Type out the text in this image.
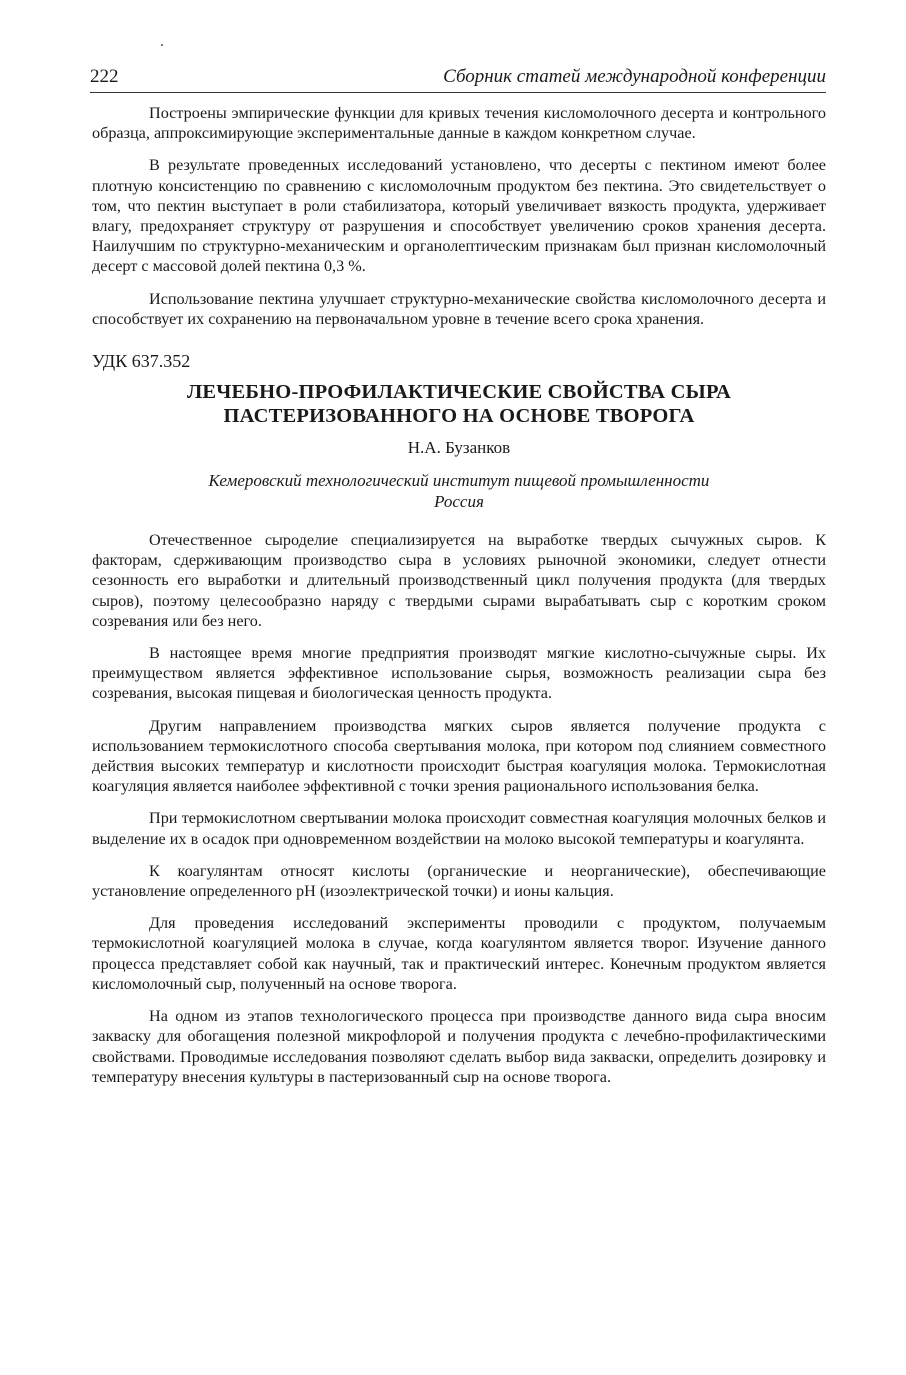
222	Сборник статей международной конференции

Построены эмпирические функции для кривых течения кисломолочного десерта и контрольного образца, аппроксимирующие экспериментальные данные в каждом конкретном случае.

В результате проведенных исследований установлено, что десерты с пектином имеют более плотную консистенцию по сравнению с кисломолочным продуктом без пектина. Это свидетельствует о том, что пектин выступает в роли стабилизатора, который увеличивает вязкость продукта, удерживает влагу, предохраняет структуру от разрушения и способствует увеличению сроков хранения десерта. Наилучшим по структурно-механическим и органолептическим признакам был признан кисломолочный десерт с массовой долей пектина 0,3 %.

Использование пектина улучшает структурно-механические свойства кисломолочного десерта и способствует их сохранению на первоначальном уровне в течение всего срока хранения.

УДК 637.352
ЛЕЧЕБНО-ПРОФИЛАКТИЧЕСКИЕ СВОЙСТВА СЫРА
ПАСТЕРИЗОВАННОГО НА ОСНОВЕ ТВОРОГА
Н.А. Бузанков
Кемеровский технологический институт пищевой промышленности
Россия

Отечественное сыроделие специализируется на выработке твердых сычужных сыров. К факторам, сдерживающим производство сыра в условиях рыночной экономики, следует отнести сезонность его выработки и длительный производственный цикл получения продукта (для твердых сыров), поэтому целесообразно наряду с твердыми сырами вырабатывать сыр с коротким сроком созревания или без него.

В настоящее время многие предприятия производят мягкие кислотно-сычужные сыры. Их преимуществом является эффективное использование сырья, возможность реализации сыра без созревания, высокая пищевая и биологическая ценность продукта.

Другим направлением производства мягких сыров является получение продукта с использованием термокислотного способа свертывания молока, при котором под слиянием совместного действия высоких температур и кислотности происходит быстрая коагуляция молока. Термокислотная коагуляция является наиболее эффективной с точки зрения рационального использования белка.

При термокислотном свертывании молока происходит совместная коагуляция молочных белков и выделение их в осадок при одновременном воздействии на молоко высокой температуры и коагулянта.

К коагулянтам относят кислоты (органические и неорганические), обеспечивающие установление определенного pH (изоэлектрической точки) и ионы кальция.

Для проведения исследований эксперименты проводили с продуктом, получаемым термокислотной коагуляцией молока в случае, когда коагулянтом является творог. Изучение данного процесса представляет собой как научный, так и практический интерес. Конечным продуктом является кисломолочный сыр, полученный на основе творога.

На одном из этапов технологического процесса при производстве данного вида сыра вносим закваску для обогащения полезной микрофлорой и получения продукта с лечебно-профилактическими свойствами. Проводимые исследования позволяют сделать выбор вида закваски, определить дозировку и температуру внесения культуры в пастеризованный сыр на основе творога.
